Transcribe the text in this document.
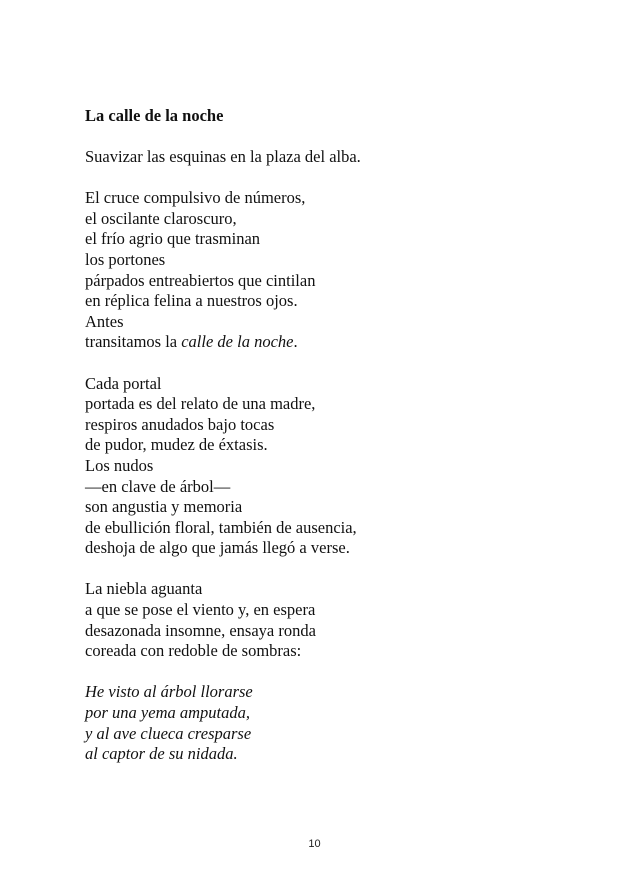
La calle de la noche
Suavizar las esquinas en la plaza del alba.
El cruce compulsivo de números,
el oscilante claroscuro,
el frío agrio que trasminan
los portones
párpados entreabiertos que cintilan
en réplica felina a nuestros ojos.
Antes
transitamos la calle de la noche.
Cada portal
portada es del relato de una madre,
respiros anudados bajo tocas
de pudor, mudez de éxtasis.
Los nudos
—en clave de árbol—
son angustia y memoria
de ebullición floral, también de ausencia,
deshoja de algo que jamás llegó a verse.
La niebla aguanta
a que se pose el viento y, en espera
desazonada insomne, ensaya ronda
coreada con redoble de sombras:
He visto al árbol llorarse
por una yema amputada,
y al ave clueca cresparse
al captor de su nidada.
10
